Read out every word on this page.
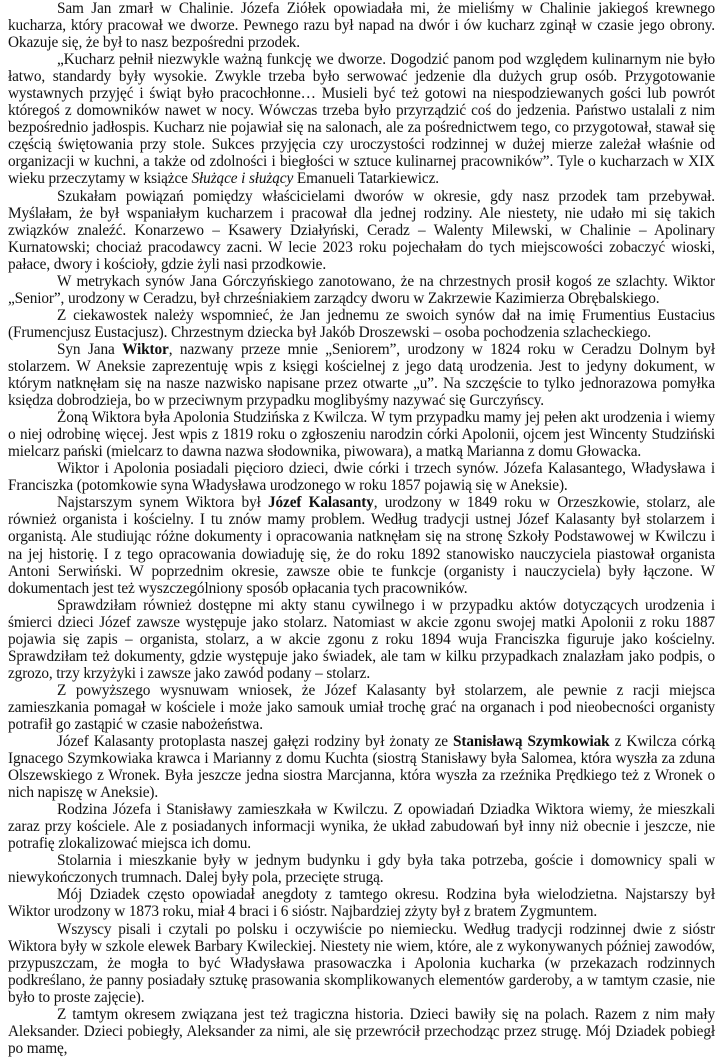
Sam Jan zmarł w Chalinie. Józefa Ziółek opowiadała mi, że mieliśmy w Chalinie jakiegoś krewnego kucharza, który pracował we dworze. Pewnego razu był napad na dwór i ów kucharz zginął w czasie jego obrony. Okazuje się, że był to nasz bezpośredni przodek.

„Kucharz pełnił niezwykle ważną funkcję we dworze. Dogodzić panom pod względem kulinarnym nie było łatwo, standardy były wysokie. Zwykle trzeba było serwować jedzenie dla dużych grup osób. Przygotowanie wystawnych przyjęć i świąt było pracochłonne… Musieli być też gotowi na niespodziewanych gości lub powrót któregoś z domowników nawet w nocy. Wówczas trzeba było przyrządzić coś do jedzenia. Państwo ustalali z nim bezpośrednio jadłospis. Kucharz nie pojawiał się na salonach, ale za pośrednictwem tego, co przygotował, stawał się częścią świętowania przy stole. Sukces przyjęcia czy uroczystości rodzinnej w dużej mierze zależał właśnie od organizacji w kuchni, a także od zdolności i biegłości w sztuce kulinarnej pracowników”. Tyle o kucharzach w XIX wieku przeczytamy w książce Służące i służący Emanueli Tatarkiewicz.

Szukałam powiązań pomiędzy właścicielami dworów w okresie, gdy nasz przodek tam przebywał. Myślałam, że był wspaniałym kucharzem i pracował dla jednej rodziny. Ale niestety, nie udało mi się takich związków znaleźć. Konarzewo – Ksawery Działyński, Ceradz – Walenty Milewski, w Chalinie – Apolinary Kurnatowski; chociaż pracodawcy zacni. W lecie 2023 roku pojechałam do tych miejscowości zobaczyć wioski, pałace, dwory i kościoły, gdzie żyli nasi przodkowie.

W metrykach synów Jana Górczyńskiego zanotowano, że na chrzestnych prosił kogoś ze szlachty. Wiktor „Senior”, urodzony w Ceradzu, był chrześniakiem zarządcy dworu w Zakrzewie Kazimierza Obrębalskiego.

Z ciekawostek należy wspomnieć, że Jan jednemu ze swoich synów dał na imię Frumentius Eustacius (Frumencjusz Eustacjusz). Chrzestnym dziecka był Jakób Droszewski – osoba pochodzenia szlacheckiego.

Syn Jana Wiktor, nazwany przeze mnie „Seniorem”, urodzony w 1824 roku w Ceradzu Dolnym był stolarzem. W Aneksie zaprezentuję wpis z księgi kościelnej z jego datą urodzenia. Jest to jedyny dokument, w którym natknęłam się na nasze nazwisko napisane przez otwarte „u”. Na szczęście to tylko jednorazowa pomyłka księdza dobrodzieja, bo w przeciwnym przypadku moglibyśmy nazywać się Gurczyńscy.

Żoną Wiktora była Apolonia Studzińska z Kwilcza. W tym przypadku mamy jej pełen akt urodzenia i wiemy o niej odrobinę więcej. Jest wpis z 1819 roku o zgłoszeniu narodzin córki Apolonii, ojcem jest Wincenty Studziński mielcarz pański (mielcarz to dawna nazwa słodownika, piwowara), a matką Marianna z domu Głowacka.

Wiktor i Apolonia posiadali pięcioro dzieci, dwie córki i trzech synów. Józefa Kalasantego, Władysława i Franciszka (potomkowie syna Władysława urodzonego w roku 1857 pojawią się w Aneksie).

Najstarszym synem Wiktora był Józef Kalasanty, urodzony w 1849 roku w Orzeszkowie, stolarz, ale również organista i kościelny. I tu znów mamy problem. Według tradycji ustnej Józef Kalasanty był stolarzem i organistą. Ale studiując różne dokumenty i opracowania natknęłam się na stronę Szkoły Podstawowej w Kwilczu i na jej historię. I z tego opracowania dowiaduję się, że do roku 1892 stanowisko nauczyciela piastował organista Antoni Serwiński. W poprzednim okresie, zawsze obie te funkcje (organisty i nauczyciela) były łączone. W dokumentach jest też wyszczególniony sposób opłacania tych pracowników.

Sprawdziłam również dostępne mi akty stanu cywilnego i w przypadku aktów dotyczących urodzenia i śmierci dzieci Józef zawsze występuje jako stolarz. Natomiast w akcie zgonu swojej matki Apolonii z roku 1887 pojawia się zapis – organista, stolarz, a w akcie zgonu z roku 1894 wuja Franciszka figuruje jako kościelny. Sprawdziłam też dokumenty, gdzie występuje jako świadek, ale tam w kilku przypadkach znalazłam jako podpis, o zgrozo, trzy krzyżyki i zawsze jako zawód podany – stolarz.

Z powyższego wysnuwam wniosek, że Józef Kalasanty był stolarzem, ale pewnie z racji miejsca zamieszkania pomagał w kościele i może jako samouk umiał trochę grać na organach i pod nieobecności organisty potrafił go zastąpić w czasie nabożeństwa.

Józef Kalasanty protoplasta naszej gałęzi rodziny był żonaty ze Stanisławą Szymkowiak z Kwilcza córką Ignacego Szymkowiaka krawca i Marianny z domu Kuchta (siostrą Stanisławy była Salomea, która wyszła za zduna Olszewskiego z Wronek. Była jeszcze jedna siostra Marcjanna, która wyszła za rzeźnika Prędkiego też z Wronek o nich napiszę w Aneksie).

Rodzina Józefa i Stanisławy zamieszkała w Kwilczu. Z opowiadań Dziadka Wiktora wiemy, że mieszkali zaraz przy kościele. Ale z posiadanych informacji wynika, że układ zabudowań był inny niż obecnie i jeszcze, nie potrafię zlokalizować miejsca ich domu.

Stolarnia i mieszkanie były w jednym budynku i gdy była taka potrzeba, goście i domownicy spali w niewykończonych trumnach. Dalej były pola, przecięte strugą.

Mój Dziadek często opowiadał anegdoty z tamtego okresu. Rodzina była wielodzietna. Najstarszy był Wiktor urodzony w 1873 roku, miał 4 braci i 6 sióstr. Najbardziej zżyty był z bratem Zygmuntem.

Wszyscy pisali i czytali po polsku i oczywiście po niemiecku. Według tradycji rodzinnej dwie z sióstr Wiktora były w szkole elewek Barbary Kwileckiej. Niestety nie wiem, które, ale z wykonywanych później zawodów, przypuszczam, że mogła to być Władysława prasowaczka i Apolonia kucharka (w przekazach rodzinnych podkreślano, że panny posiadały sztukę prasowania skomplikowanych elementów garderoby, a w tamtym czasie, nie było to proste zajęcie).

Z tamtym okresem związana jest też tragiczna historia. Dzieci bawiły się na polach. Razem z nim mały Aleksander. Dzieci pobiegły, Aleksander za nimi, ale się przewrócił przechodząc przez strugę. Mój Dziadek pobiegł po mamę,
